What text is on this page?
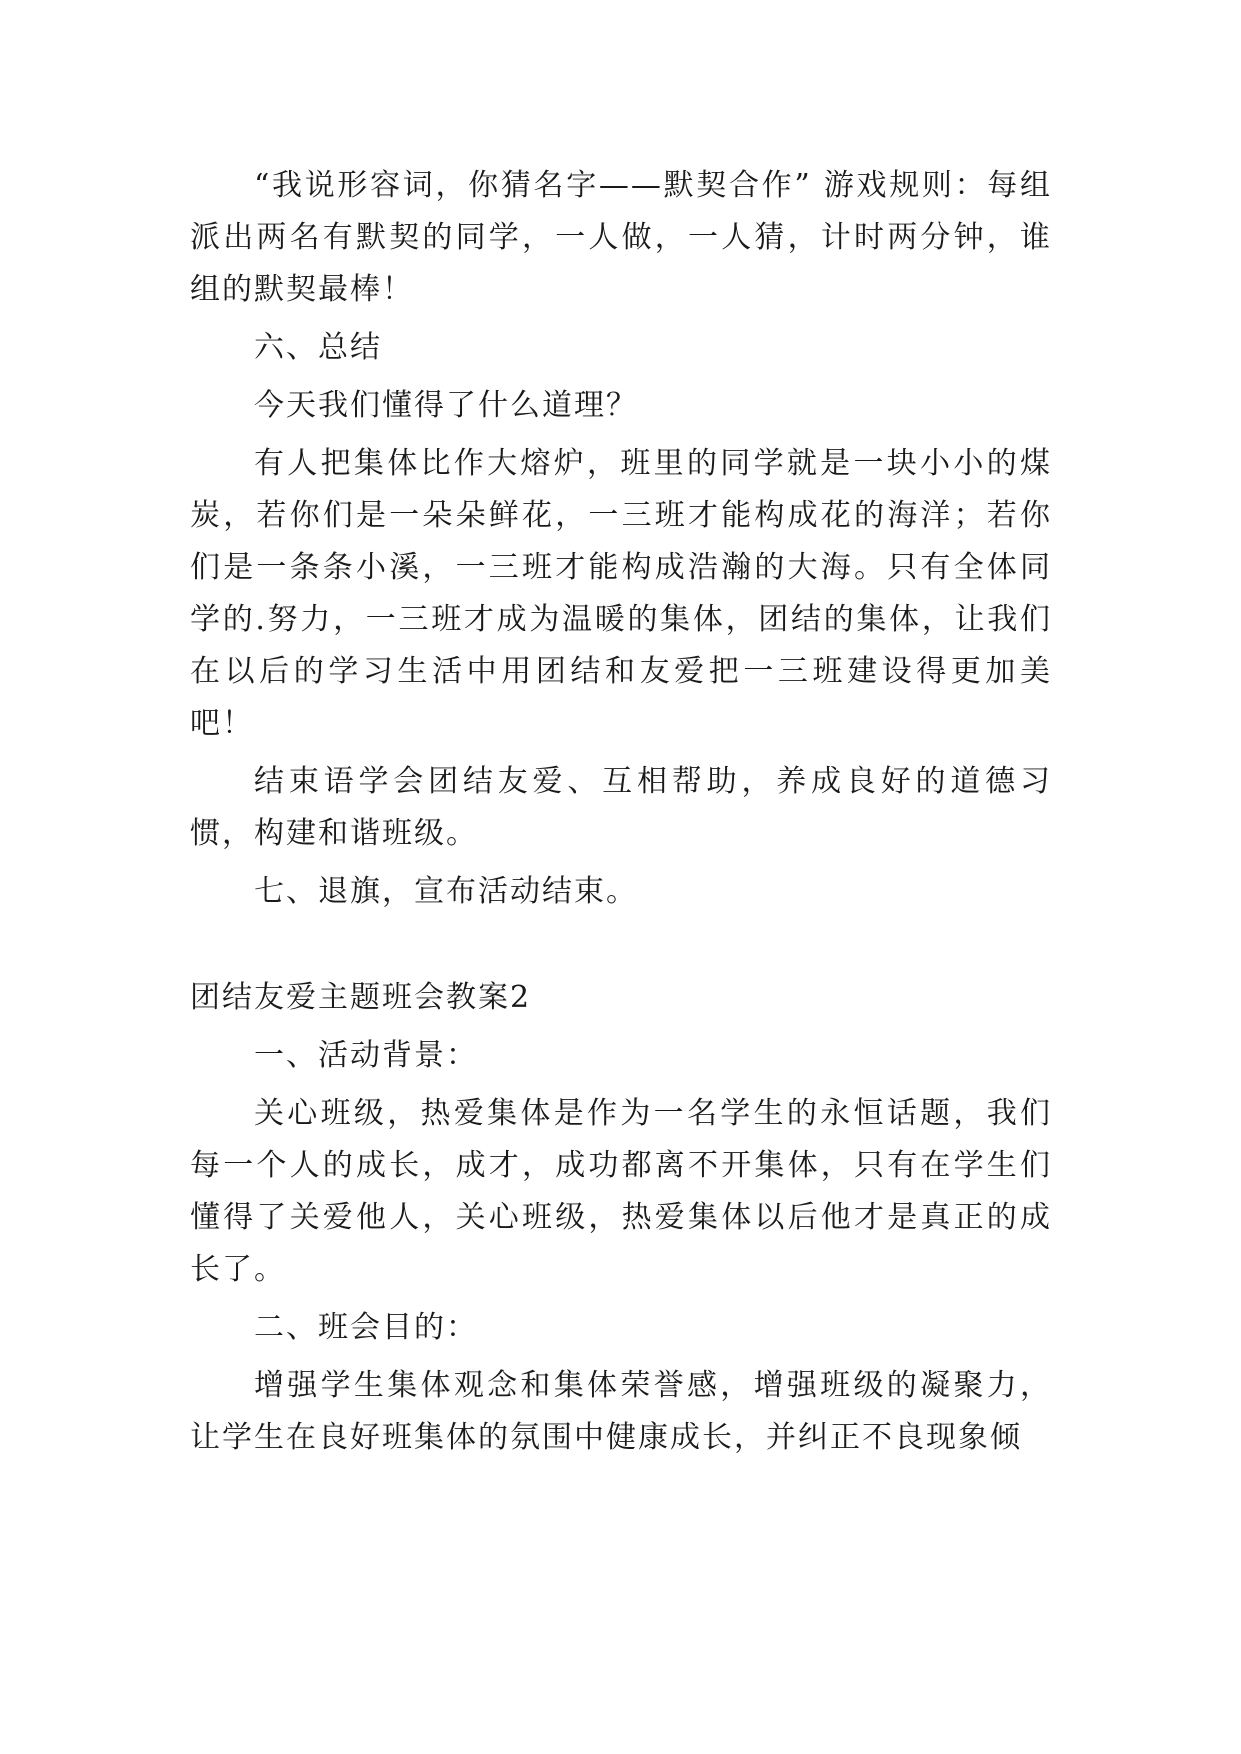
“我说形容词，你猜名字——默契合作” 游戏规则：每组派出两名有默契的同学，一人做，一人猜，计时两分钟，谁组的默契最棒！

六、总结

今天我们懂得了什么道理？

有人把集体比作大熔炉，班里的同学就是一块小小的煤炭，若你们是一朵朵鲜花，一三班才能构成花的海洋；若你们是一条条小溪，一三班才能构成浩瀚的大海。只有全体同学的.努力，一三班才成为温暖的集体，团结的集体，让我们在以后的学习生活中用团结和友爱把一三班建设得更加美吧！

结束语学会团结友爱、互相帮助，养成良好的道德习惯，构建和谐班级。

七、退旗，宣布活动结束。

团结友爱主题班会教案2

一、活动背景：

关心班级，热爱集体是作为一名学生的永恒话题，我们每一个人的成长，成才，成功都离不开集体，只有在学生们懂得了关爱他人，关心班级，热爱集体以后他才是真正的成长了。

二、班会目的：

增强学生集体观念和集体荣誉感，增强班级的凝聚力，让学生在良好班集体的氛围中健康成长，并纠正不良现象倾
